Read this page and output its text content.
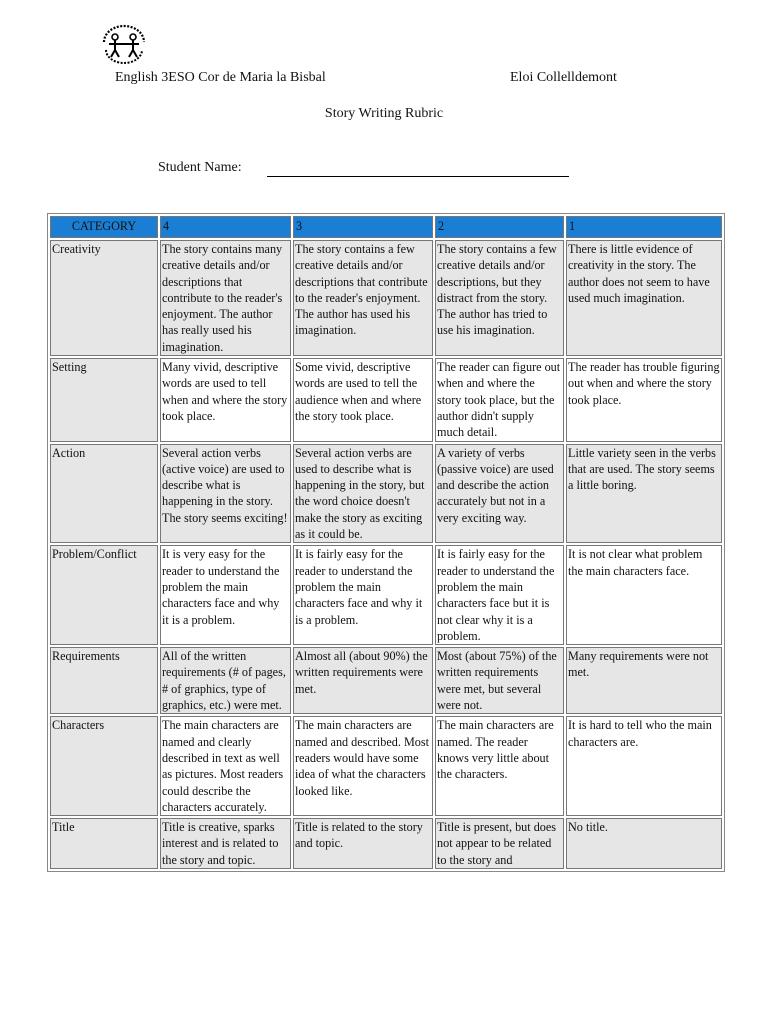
English 3ESO Cor de Maria la Bisbal	Eloi Collelldemont
Story Writing Rubric
Student Name:
CATEGORY	4	3	2	1
Creativity	The story contains many creative details and/or descriptions that contribute to the reader's enjoyment. The author has really used his imagination.	The story contains a few creative details and/or descriptions that contribute to the reader's enjoyment. The author has used his imagination.	The story contains a few creative details and/or descriptions, but they distract from the story. The author has tried to use his imagination.	There is little evidence of creativity in the story. The author does not seem to have used much imagination.
Setting	Many vivid, descriptive words are used to tell when and where the story took place.	Some vivid, descriptive words are used to tell the audience when and where the story took place.	The reader can figure out when and where the story took place, but the author didn't supply much detail.	The reader has trouble figuring out when and where the story took place.
Action	Several action verbs (active voice) are used to describe what is happening in the story. The story seems exciting!	Several action verbs are used to describe what is happening in the story, but the word choice doesn't make the story as exciting as it could be.	A variety of verbs (passive voice) are used and describe the action accurately but not in a very exciting way.	Little variety seen in the verbs that are used. The story seems a little boring.
Problem/Conflict	It is very easy for the reader to understand the problem the main characters face and why it is a problem.	It is fairly easy for the reader to understand the problem the main characters face and why it is a problem.	It is fairly easy for the reader to understand the problem the main characters face but it is not clear why it is a problem.	It is not clear what problem the main characters face.
Requirements	All of the written requirements (# of pages, # of graphics, type of graphics, etc.) were met.	Almost all (about 90%) the written requirements were met.	Most (about 75%) of the written requirements were met, but several were not.	Many requirements were not met.
Characters	The main characters are named and clearly described in text as well as pictures. Most readers could describe the characters accurately.	The main characters are named and described. Most readers would have some idea of what the characters looked like.	The main characters are named. The reader knows very little about the characters.	It is hard to tell who the main characters are.
Title	Title is creative, sparks interest and is related to the story and topic.	Title is related to the story and topic.	Title is present, but does not appear to be related to the story and	No title.
